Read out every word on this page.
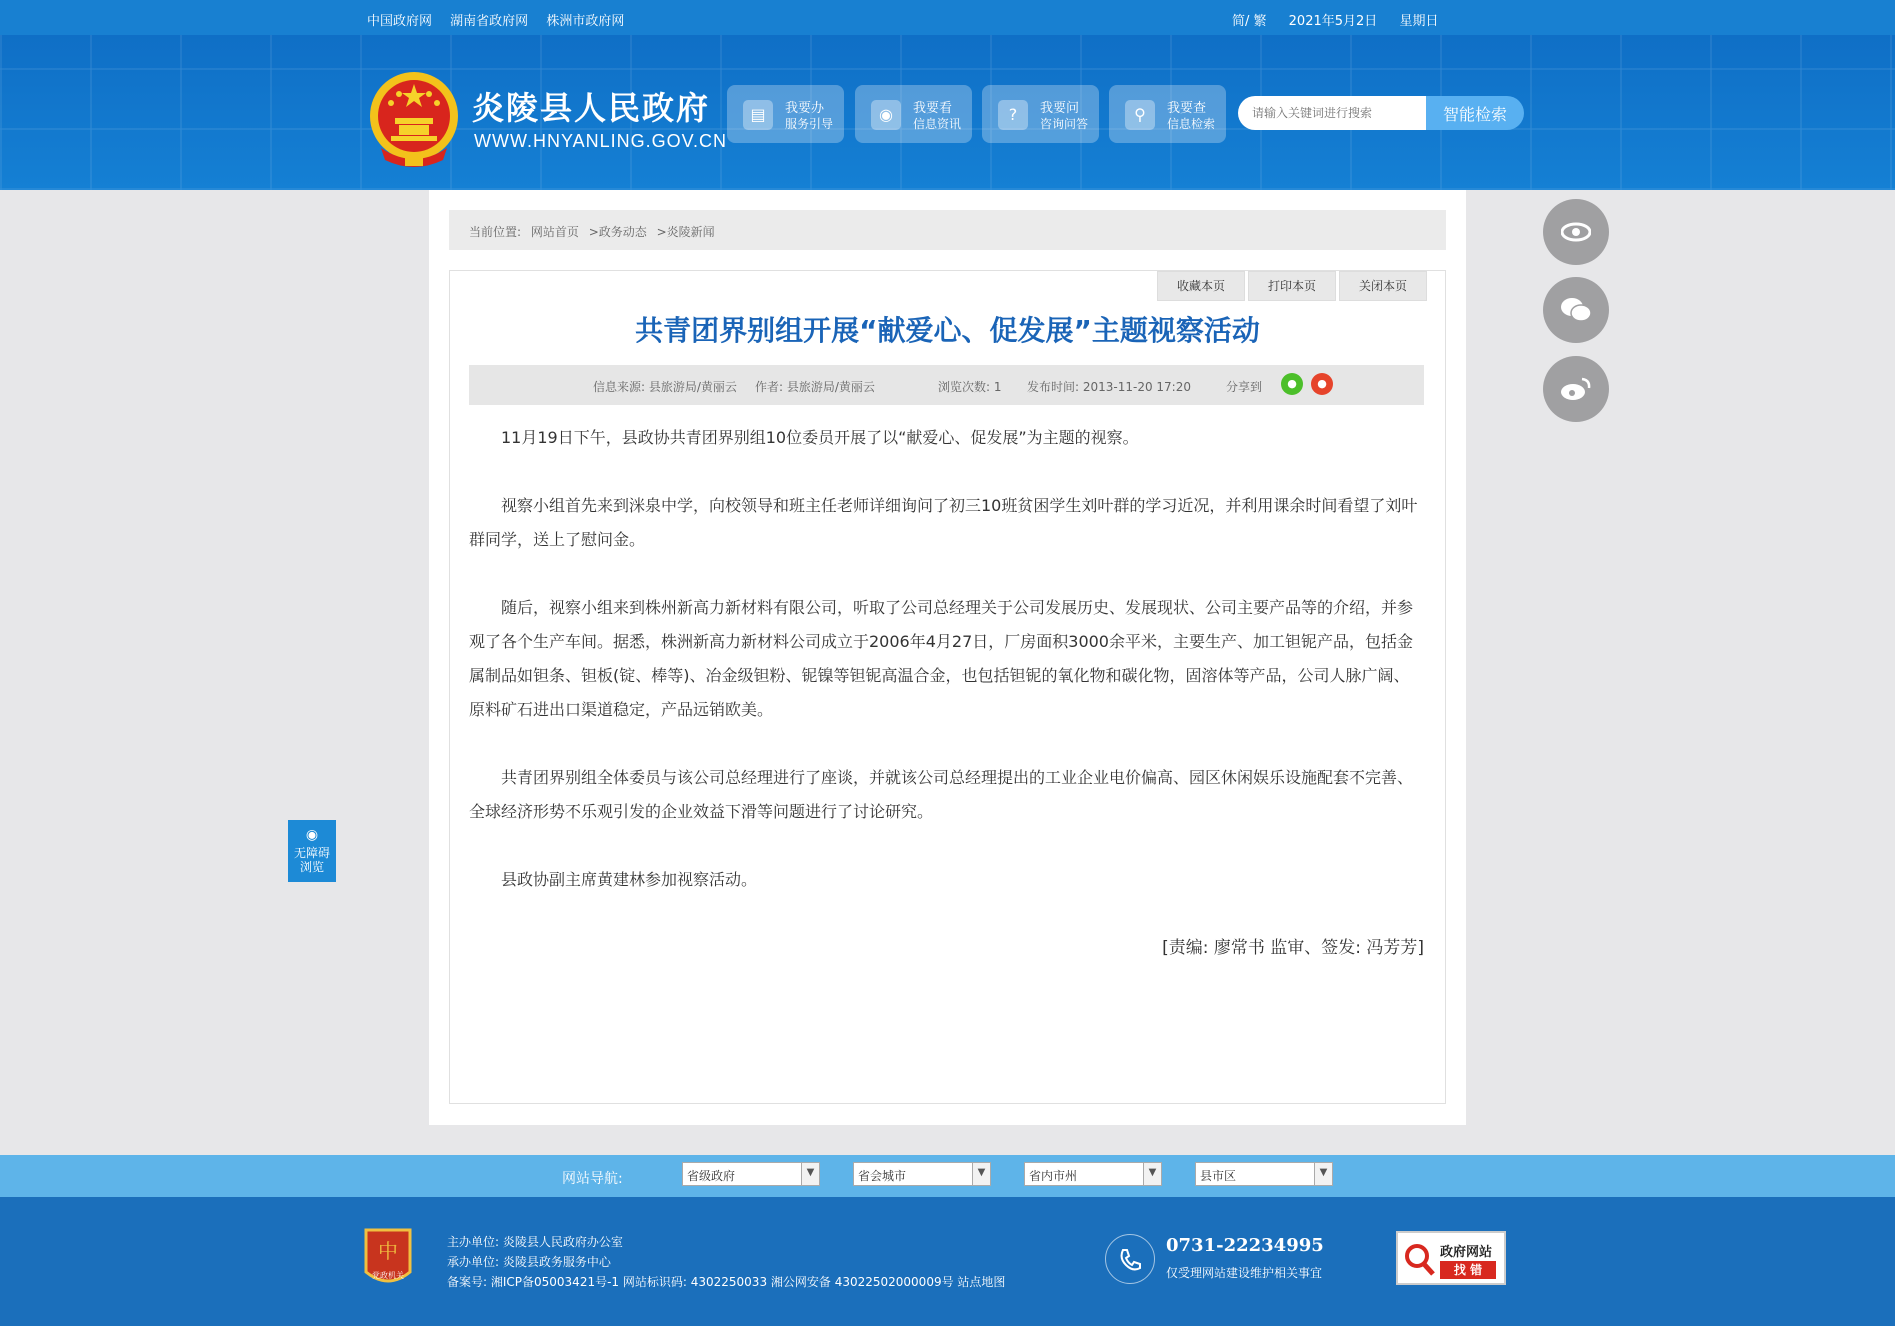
中国政府网 湖南省政府网 株洲市政府网	简/ 繁 2021年5月2日 星期日
炎陵县人民政府
WWW.HNYANLING.GOV.CN
▤	我要办
服务引导	◉	我要看
信息资讯	?	我要问
咨询问答	⚲	我要查
信息检索
请输入关键词进行搜索
智能检索
当前位置: 网站首页 >政务动态 >炎陵新闻
共青团界别组开展“献爱心、促发展”主题视察活动
信息来源: 县旅游局/黄丽云 作者: 县旅游局/黄丽云	浏览次数: 1 发布时间: 2013-11-20 17:20	分享到	●	●

11月19日下午，县政协共青团界别组10位委员开展了以“献爱心、促发展”为主题的视察。

视察小组首先来到洣泉中学，向校领导和班主任老师详细询问了初三10班贫困学生刘叶群的学习近况，并利用课余时间看望了刘叶群同学，送上了慰问金。

随后，视察小组来到株州新高力新材料有限公司，听取了公司总经理关于公司发展历史、发展现状、公司主要产品等的介绍，并参观了各个生产车间。据悉，株洲新高力新材料公司成立于2006年4月27日，厂房面积3000余平米，主要生产、加工钽铌产品，包括金属制品如钽条、钽板(锭、棒等)、冶金级钽粉、铌镍等钽铌高温合金，也包括钽铌的氧化物和碳化物，固溶体等产品，公司人脉广阔、原料矿石进出口渠道稳定，产品远销欧美。

共青团界别组全体委员与该公司总经理进行了座谈，并就该公司总经理提出的工业企业电价偏高、园区休闲娱乐设施配套不完善、全球经济形势不乐观引发的企业效益下滑等问题进行了讨论研究。

县政协副主席黄建林参加视察活动。

[责编: 廖常书 监审、签发: 冯芳芳]
收藏本页	打印本页	关闭本页
◉
无障碍
浏览
网站导航:	省级政府	▼	省会城市	▼	省内市州	▼	县市区	▼
中
党政机关
主办单位: 炎陵县人民政府办公室
承办单位: 炎陵县政务服务中心
备案号: 湘ICP备05003421号-1 网站标识码: 4302250033 湘公网安备 43022502000009号 站点地图
0731-22234995
仅受理网站建设维护相关事宜
政府网站
找 错
